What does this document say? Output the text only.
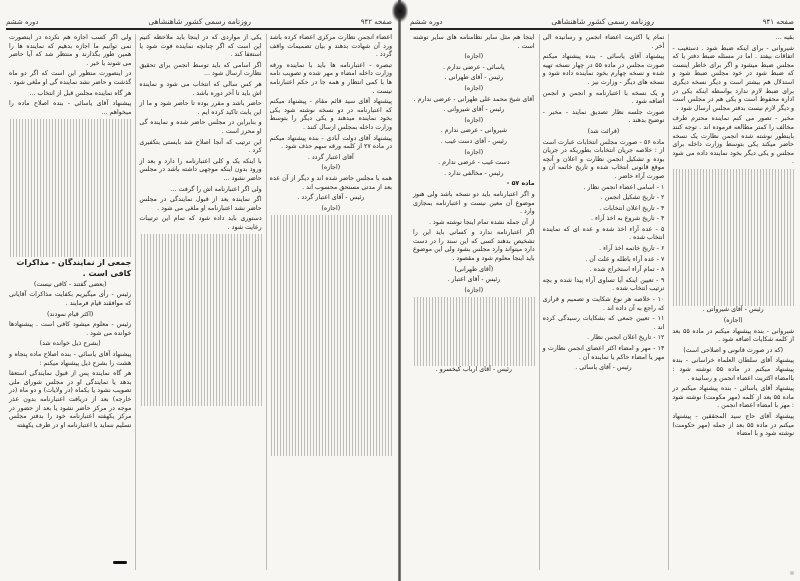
صفحه ۹۴۲
روزنامه رسمی کشور شاهنشاهی
دوره ششم

اعضاء انجمن نظارت مرکزی اعضاء کرده باشد ورد آن شهادت بدهند و بیان تصمیمات واقف گردد .

تبصره - اعتبارنامه ها باید با نماینده ورقه وزارت داخله امضاء و مهر شده و تصویب نامه ها با کمی انتظار و همه جا در حکم اعتبارنامه نیست .

پیشنهاد آقای سید قائم مقام - پیشنهاد میکنم که اعتبارنامه در دو نسخه نوشته شود یکی بخود نماینده میدهند و یکی دیگر را بتوسط وزارت داخله بمجلس ارسال کنند .

پیشنهاد آقای دولت آبادی - بنده پیشنهاد میکنم در ماده ۲۷ از کلمه ورقه سهم حذف شود .

آقای اعتبار گردد .

(اجازه)

همه با مجلس حاضر شده اند و دیگر از آن عده بعد از مدتی مستحق محسوب اند .

رئیس - آقای اعتبار گردد .

(اجازه)

یکی از مواردی که در اینجا باید ملاحظه کنیم این است که اگر چنانچه نماینده فوت شود یا استعفا کند .

اگر اسامی که باید توسط انجمن برای تحقیق نظارت ارسال شود ...

هر کس سالی که انتخاب می شود و نماینده اش باید تا آخر دوره باشد .

حاضر باشد و مقرر بوده تا حاضر شود و ما از این بابت تاکید کرده ایم .

و بنابراین در مجلس حاضر شده و نماینده گی او محرز است .

این ترتیب که آنجا اصلاح شد بایستی بتکفیری کرد .

با اینکه یک و کلی اعتبارنامه را دارد و بعد از ورود بدون اینکه موجهی داشته باشد در مجلس حاضر نشود ...

ولی اگر اعتبارنامه اش را گرفت ...

اگر نماینده بعد از قبول نمایندگی در مجلس حاضر نشد اعتبارنامه او ملغی می شود .

دستوری باید داده شود که تمام این ترتیبات رعایت شود .

ولی اگر کسب اجازه هم نکرده در اینصورت نمی توانیم ما اجازه بدهیم که نماینده ها را همین طور بگذارند و منتظر شد که آیا حاضر می شوند یا خیر .

در اینصورت منظور این است که اگر دو ماه گذشت و حاضر نشد نماینده گی او ملغی شود .

هر گاه نماینده مجلس قبل از انتخاب ...

پیشنهاد آقای یاسائی - بنده اصلاح ماده را میخواهم ...

جمعی از نمایندگان - مذاکرات کافی است .

(بعضی گفتند - کافی نیست)

رئیس - رأی میگیریم بکفایت مذاکرات آقایانی که موافقند قیام فرمایند .

(اکثر قیام نمودند)

رئیس - معلوم میشود کافی است . پیشنهادها خوانده می شود .

(بشرح ذیل خوانده شد)

پیشنهاد آقای یاسائی - بنده اصلاح ماده پنجاه و هشت را بشرح ذیل پیشنهاد میکنم :

هر گاه نماینده پس از قبول نمایندگی استعفا بدهد یا نمایندگی او در مجلس شورای ملی تصویب نشود یا یکماه (در ولایات) و دو ماه (در خارجه) بعد از دریافت اعتبارنامه بدون عذر موجه در مرکز حاضر نشود یا بعد از حضور در مرکز یکهفته اعتبارنامه خود را بدفتر مجلس تسلیم ننماید با اعتبارنامه او در ظرف یکهفته

صفحه ۹۴۱
روزنامه رسمی کشور شاهنشاهی
دوره ششم

بقیه ...

شیروانی - برای اینکه ضبط شود . دستغیب - اتفاقات بیفتد . اما در مسئله ضبط دفتر یا که مجلس ضبط میشود و اگر برای خاطر اینست که ضبط شود در خود مجلس ضبط شود و استدلال هم بیشتر است و دیگر نسخه دیگری برای ضبط لازم ندارد بواسطه اینکه یکی در اداره محفوظ است و یکی هم در مجلس است و دیگر لازم نیست بدفتر مجلس ارسال شود .

مخبر - تصور می کنم نماینده محترم طرف مخالف را کمتر مطالعه فرموده اند . توجه کنند باینطور نوشته شده انجمن نظارت یک نسخه حاضر میکند یکی بتوسط وزارت داخله برای مجلس و یکی دیگر بخود نماینده داده می شود .

رئیس - آقای شیروانی .

(اجازه)

شیروانی - بنده پیشنهاد میکنم در ماده ۵۵ بعد از کلمه شکایات اضافه شود .

(که در صورت قانونی و اصلاحی است)

پیشنهاد آقای سلطان العلماء خراسانی - بنده پیشنهاد میکنم در ماده ۵۵ نوشته شود : باامضاء اکثریت اعضاء انجمن و رسانیده .

پیشنهاد آقای یاسائی - بنده پیشنهاد میکنم در ماده ۵۵ بعد از کلمه (مهر مکومت) نوشته شود : مهر با امضاء اعضاء انجمن .

پیشنهاد آقای حاج سید المحققین - پیشنهاد میکنم در ماده ۵۵ بعد از جمله (مهر حکومت) نوشته شود و با امضاء

تمام یا اکثریت اعضاء انجمن و رسانیده الی آخر .

پیشنهاد آقای یاسائی - بنده پیشنهاد میکنم صورت مجلس در ماده ۵۵ در چهار نسخه تهیه شده و نسخه چهارم بخود نماینده داده شود و نسخه های دیگر - وزارت نیز .

و یک نسخه با اعتبارنامه و انجمن و انجمن اضافه شود .

صورت جلسه نظار تصدیق نمایند - مخبر - توضیح بدهند .

(قرائت شد)

ماده ۵۶ - صورت مجلس انتخابات عبارت است از : خلاصه جریان انتخابات بطوریکه در جریان بوده و تشکیل انجمن نظارت و اعلان و آنچه موقع قانونی انتخاب شده و تاریخ خاتمه آن و صورت آراء حاضر .

۱ - اسامی اعضاء انجمن نظار .

۲ - تاریخ تشکیل انجمن .

۳ - تاریخ اعلان انتخابات .

۴ - تاریخ شروع به اخذ آراء .

۵ - عده آراء اخذ شده و عده ای که نماینده انتخاب شده .

۶ - تاریخ خاتمه اخذ آراء .

۷ - عده آراء باطله و علت آن .

۸ - تمام آراء استخراج شده .

۹ - تعیین اینکه آیا تساوی آراء پیدا شده و بچه ترتیب انتخاب شده .

۱۰ - خلاصه هر نوع شکایت و تصمیم و قراری که راجع به آن داده اند .

۱۱ - تعیین جمعی که بشکایات رسیدگی کرده اند .

۱۲ - تاریخ اعلان انجمن نظار .

۱۳ - مهر و امضاء اکثر اعضای انجمن نظارت و مهر یا امضاء حاکم یا نماینده آن .

رئیس - آقای یاسائی .

اینجا هم مثل سایر نظامنامه های سایر نوشته است .

(اجازه)

یاسائی - عرضی ندارم .

رئیس - آقای طهرانی .

(اجازه)

آقای شیخ محمد علی طهرانی - عرضی ندارم .

رئیس - آقای شیروانی .

(اجازه)

شیروانی - عرضی ندارم .

رئیس - آقای دست غیب .

(اجازه)

دست غیب - عرضی ندارم .

رئیس - مخالفی ندارد .

ماده ۵۷ -

و اگر اعتبارنامه باید دو نسخه باشد ولی هنوز موضوع آن معین نیست و اعتبارنامه بمجازی وارد .

از آن جمله نشده تمام اینجا نوشته شود .

اگر اعتبارنامه ندارد و کسانی باید این را تشخیص بدهند کسی که این سند را در دست دارد میتواند وارد مجلس بشود ولی این موضوع باید اینجا معلوم شود و مقصود .

(آقای طهرانی)

رئیس - آقای اعتبار .

(اجازه)

رئیس - آقای ارباب کیخسرو .
